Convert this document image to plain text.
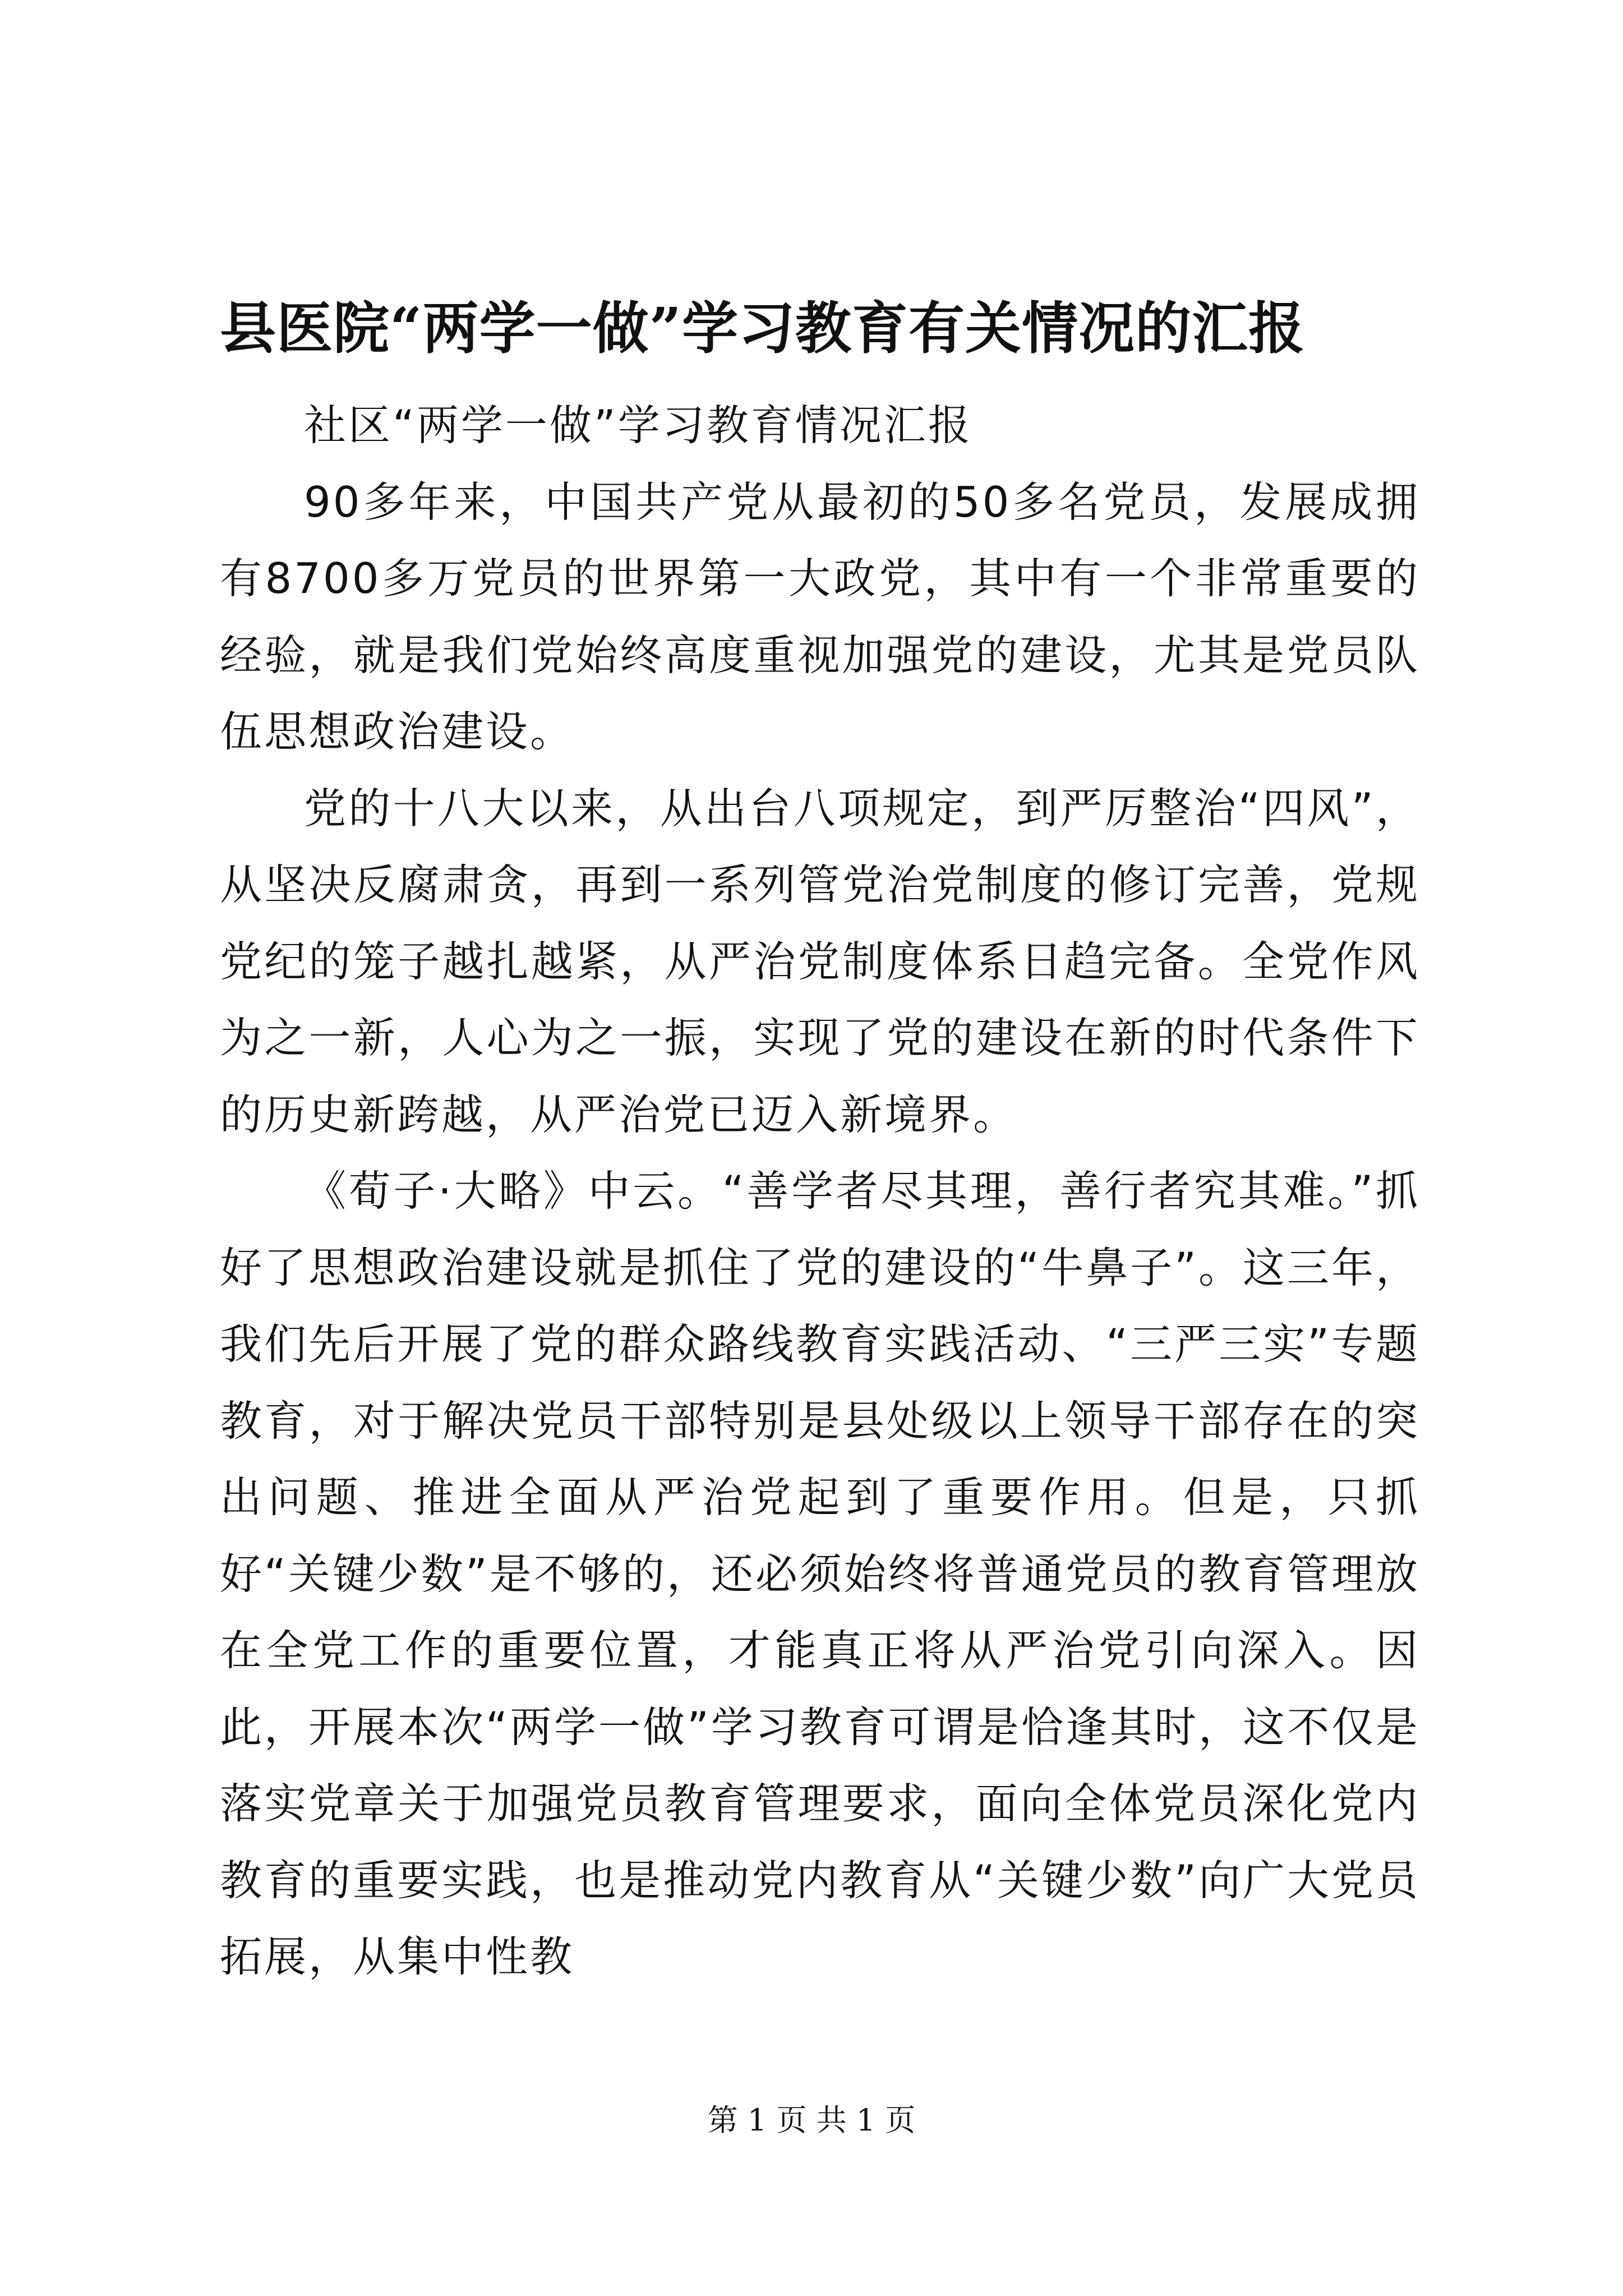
县医院“两学一做”学习教育有关情况的汇报

社区“两学一做”学习教育情况汇报

90多年来，中国共产党从最初的50多名党员，发展成拥有8700多万党员的世界第一大政党，其中有一个非常重要的经验，就是我们党始终高度重视加强党的建设，尤其是党员队伍思想政治建设。

党的十八大以来，从出台八项规定，到严厉整治“四风”，从坚决反腐肃贪，再到一系列管党治党制度的修订完善，党规党纪的笼子越扎越紧，从严治党制度体系日趋完备。全党作风为之一新，人心为之一振，实现了党的建设在新的时代条件下的历史新跨越，从严治党已迈入新境界。

《荀子·大略》中云。“善学者尽其理，善行者究其难。”抓好了思想政治建设就是抓住了党的建设的“牛鼻子”。这三年，我们先后开展了党的群众路线教育实践活动、“三严三实”专题教育，对于解决党员干部特别是县处级以上领导干部存在的突出问题、推进全面从严治党起到了重要作用。但是，只抓好“关键少数”是不够的，还必须始终将普通党员的教育管理放在全党工作的重要位置，才能真正将从严治党引向深入。因此，开展本次“两学一做”学习教育可谓是恰逢其时，这不仅是落实党章关于加强党员教育管理要求，面向全体党员深化党内教育的重要实践，也是推动党内教育从“关键少数”向广大党员拓展，从集中性教

第 1 页 共 1 页
